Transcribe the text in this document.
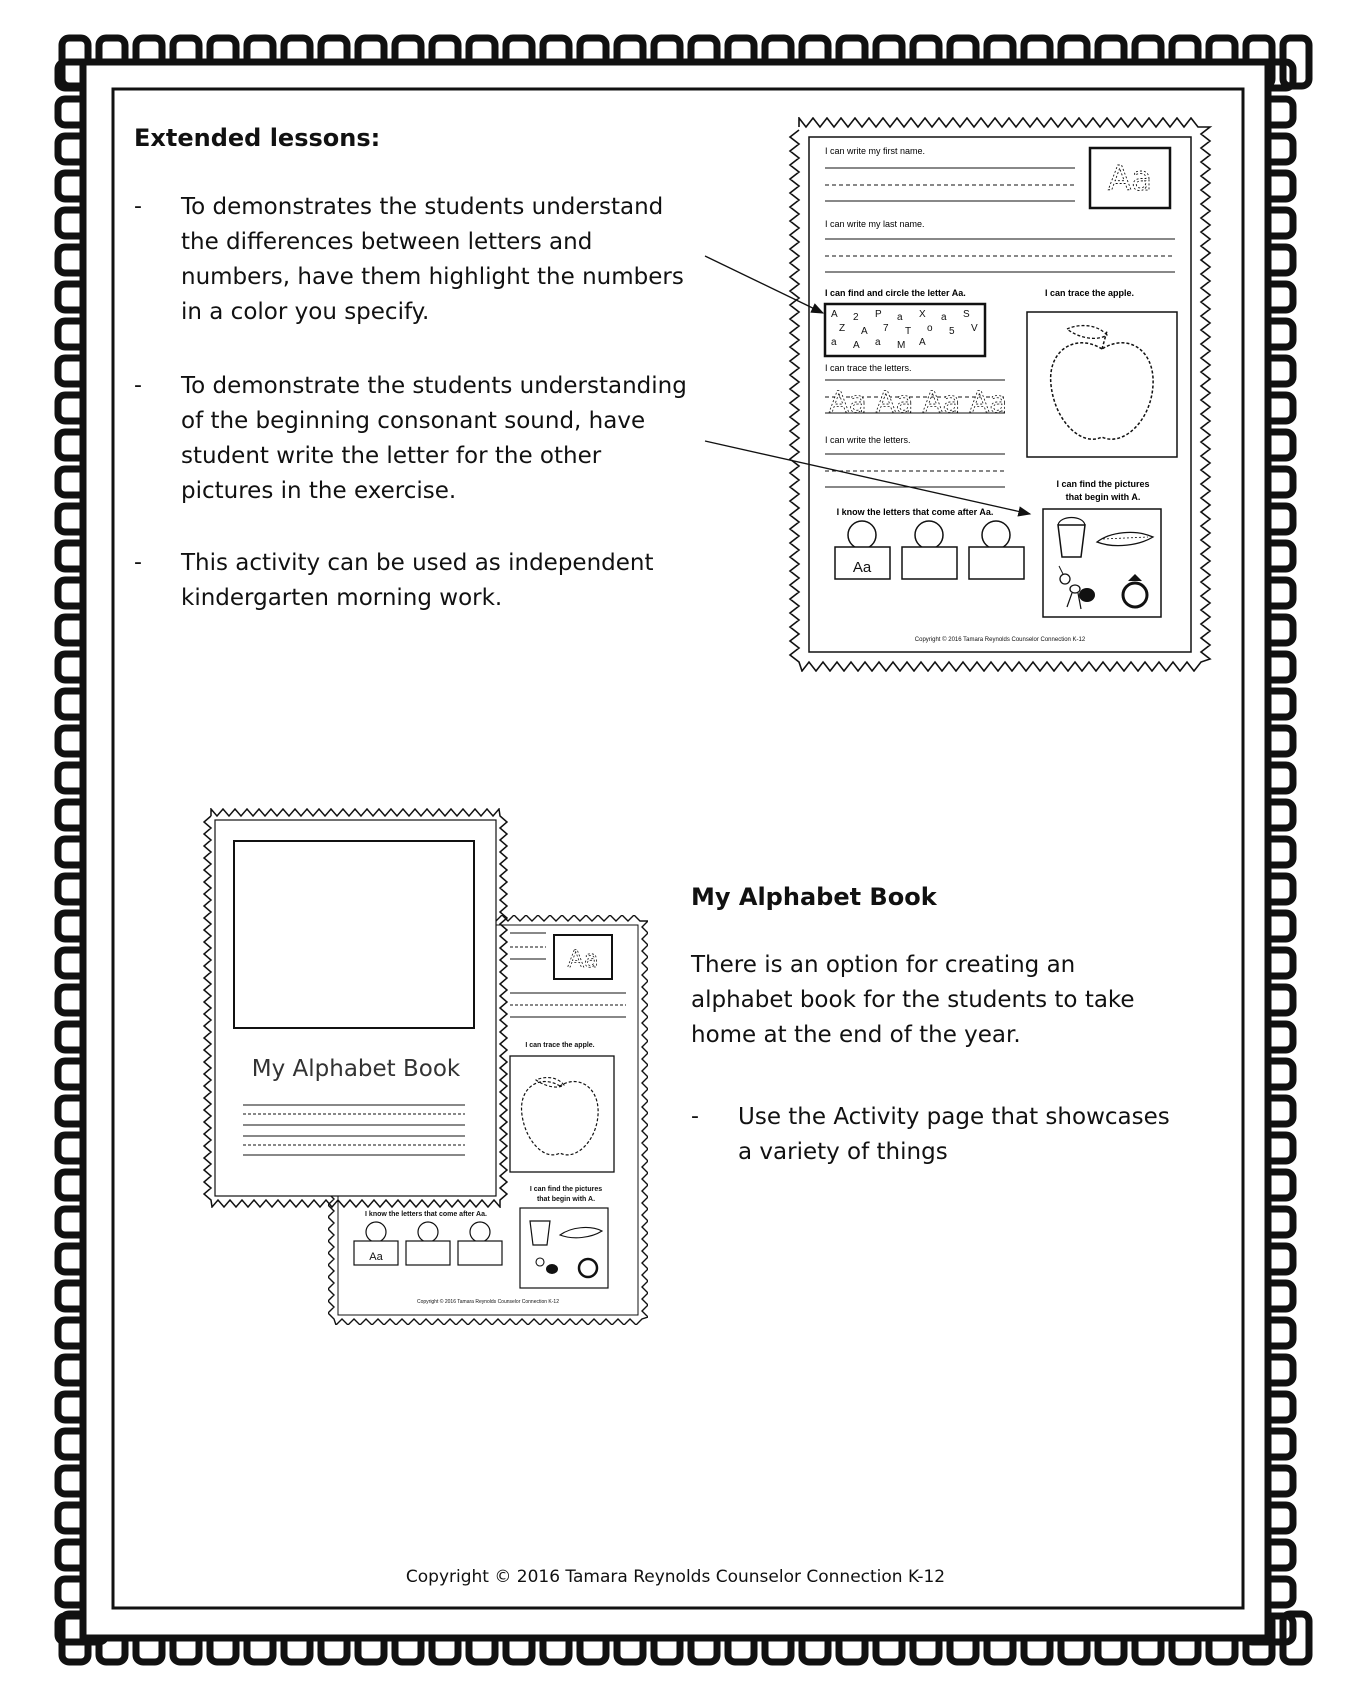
Extended lessons:
- To demonstrates the students understand
the differences between letters and
numbers, have them highlight the numbers
in a color you specify.
- To demonstrate the students understanding
of the beginning consonant sound, have
student write the letter for the other
pictures in the exercise.
- This activity can be used as independent
kindergarten morning work.
I can write my first name.
Aa
I can write my last name.
I can find and circle the letter Aa.	I can trace the apple.
A 2 P a X a S
Z A 7 T o 5 V
a A a M A
I can trace the letters.
Aa Aa Aa Aa
I can write the letters.
I can find the pictures
that begin with A.
I know the letters that come after Aa.
Aa
Copyright © 2016 Tamara Reynolds Counselor Connection K-12
Aa
I can trace the apple.
I can find the pictures
that begin with A.
I know the letters that come after Aa.
Aa
Copyright © 2016 Tamara Reynolds Counselor Connection K-12
My Alphabet Book
My Alphabet Book
There is an option for creating an
alphabet book for the students to take
home at the end of the year.
- Use the Activity page that showcases
a variety of things
Copyright © 2016 Tamara Reynolds Counselor Connection K-12
